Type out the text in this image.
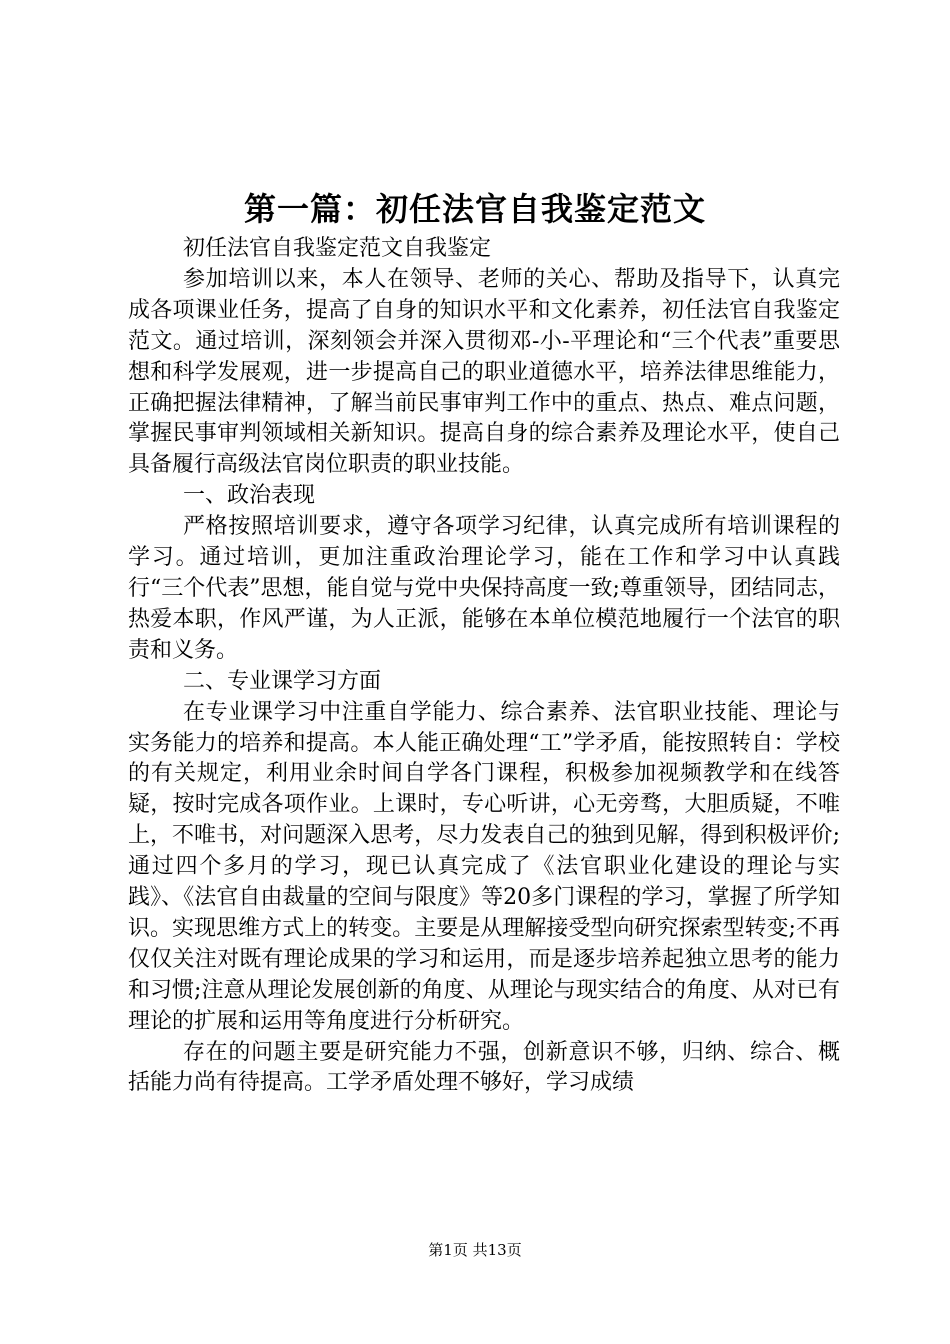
第一篇：初任法官自我鉴定范文

初任法官自我鉴定范文自我鉴定

参加培训以来，本人在领导、老师的关心、帮助及指导下，认真完成各项课业任务，提高了自身的知识水平和文化素养，初任法官自我鉴定范文。通过培训，深刻领会并深入贯彻邓-小-平理论和“三个代表”重要思想和科学发展观，进一步提高自己的职业道德水平，培养法律思维能力，正确把握法律精神，了解当前民事审判工作中的重点、热点、难点问题，掌握民事审判领域相关新知识。提高自身的综合素养及理论水平，使自己具备履行高级法官岗位职责的职业技能。

一、政治表现

严格按照培训要求，遵守各项学习纪律，认真完成所有培训课程的学习。通过培训，更加注重政治理论学习，能在工作和学习中认真践行“三个代表”思想，能自觉与党中央保持高度一致;尊重领导，团结同志，热爱本职，作风严谨，为人正派，能够在本单位模范地履行一个法官的职责和义务。

二、专业课学习方面

在专业课学习中注重自学能力、综合素养、法官职业技能、理论与实务能力的培养和提高。本人能正确处理“工”学矛盾，能按照转自：学校的有关规定，利用业余时间自学各门课程，积极参加视频教学和在线答疑，按时完成各项作业。上课时，专心听讲，心无旁骛，大胆质疑，不唯上，不唯书，对问题深入思考，尽力发表自己的独到见解，得到积极评价;通过四个多月的学习，现已认真完成了《法官职业化建设的理论与实践》、《法官自由裁量的空间与限度》等20多门课程的学习，掌握了所学知识。实现思维方式上的转变。主要是从理解接受型向研究探索型转变;不再仅仅关注对既有理论成果的学习和运用，而是逐步培养起独立思考的能力和习惯;注意从理论发展创新的角度、从理论与现实结合的角度、从对已有理论的扩展和运用等角度进行分析研究。

存在的问题主要是研究能力不强，创新意识不够，归纳、综合、概括能力尚有待提高。工学矛盾处理不够好，学习成绩

第1页 共13页
